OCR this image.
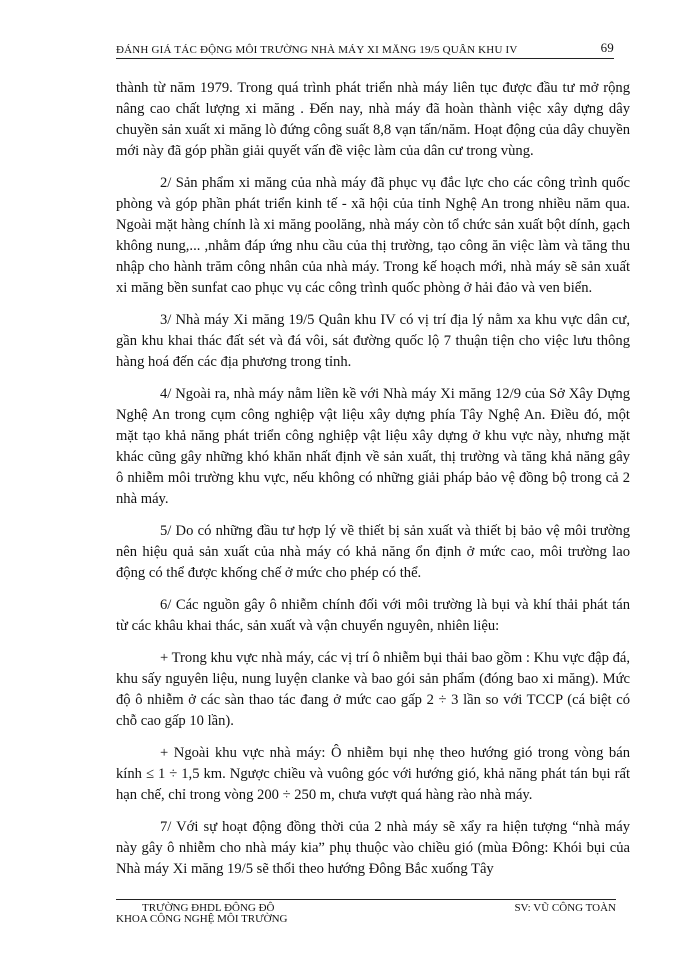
ĐÁNH GIÁ TÁC ĐỘNG MÔI TRƯỜNG NHÀ MÁY XI MĂNG 19/5 QUÂN KHU IV	69

thành từ năm 1979. Trong quá trình phát triển nhà máy liên tục được đầu tư mở rộng nâng cao chất lượng xi măng . Đến nay, nhà máy đã hoàn thành việc xây dựng dây chuyền sản xuất xi măng lò đứng công suất 8,8 vạn tấn/năm. Hoạt động của dây chuyền mới này đã góp phần giải quyết vấn đề việc làm của dân cư trong vùng.

2/ Sản phẩm xi măng của nhà máy đã phục vụ đắc lực cho các công trình quốc phòng và góp phần phát triển kinh tế - xã hội của tỉnh Nghệ An trong nhiều năm qua. Ngoài mặt hàng chính là xi măng poolăng, nhà máy còn tổ chức sản xuất bột dính, gạch không nung,... ,nhằm đáp ứng nhu cầu của thị trường, tạo công ăn việc làm và tăng thu nhập cho hành trăm công nhân của nhà máy. Trong kế hoạch mới, nhà máy sẽ sản xuất xi măng bền sunfat cao phục vụ các công trình quốc phòng ở hải đảo và ven biển.

3/ Nhà máy Xi măng 19/5 Quân khu IV có vị trí địa lý nằm xa khu vực dân cư, gần khu khai thác đất sét và đá vôi, sát đường quốc lộ 7 thuận tiện cho việc lưu thông hàng hoá đến các địa phương trong tỉnh.

4/ Ngoài ra, nhà máy nằm liền kề với Nhà máy Xi măng 12/9 của Sở Xây Dựng Nghệ An trong cụm công nghiệp vật liệu xây dựng phía Tây Nghệ An. Điều đó, một mặt tạo khả năng phát triển công nghiệp vật liệu xây dựng ở khu vực này, nhưng mặt khác cũng gây những khó khăn nhất định về sản xuất, thị trường và tăng khả năng gây ô nhiễm môi trường khu vực, nếu không có những giải pháp bảo vệ đồng bộ trong cả 2 nhà máy.

5/ Do có những đầu tư hợp lý về thiết bị sản xuất và thiết bị bảo vệ môi trường nên hiệu quả sản xuất của nhà máy có khả năng ổn định ở mức cao, môi trường lao động có thể được khống chế ở mức cho phép có thể.

6/ Các nguồn gây ô nhiễm chính đối với môi trường là bụi và khí thải phát tán từ các khâu khai thác, sản xuất và vận chuyển nguyên, nhiên liệu:

+ Trong khu vực nhà máy, các vị trí ô nhiễm bụi thải bao gồm : Khu vực đập đá, khu sấy nguyên liệu, nung luyện clanke và bao gói sản phẩm (đóng bao xi măng). Mức độ ô nhiễm ở các sàn thao tác đang ở mức cao gấp 2 ÷ 3 lần so với TCCP (cá biệt có chỗ cao gấp 10 lần).

+ Ngoài khu vực nhà máy: Ô nhiễm bụi nhẹ theo hướng gió trong vòng bán kính ≤ 1 ÷ 1,5 km. Ngược chiều và vuông góc với hướng gió, khả năng phát tán bụi rất hạn chế, chỉ trong vòng 200 ÷ 250 m, chưa vượt quá hàng rào nhà máy.

7/ Với sự hoạt động đồng thời của 2 nhà máy sẽ xẩy ra hiện tượng “nhà máy này gây ô nhiễm cho nhà máy kia” phụ thuộc vào chiều gió (mùa Đông: Khói bụi của Nhà máy Xi măng 19/5 sẽ thổi theo hướng Đông Bắc xuống Tây

TRƯỜNG ĐHDL ĐÔNG ĐÔ
KHOA CÔNG NGHỆ MÔI TRƯỜNG
SV: VŨ CÔNG TOÀN
